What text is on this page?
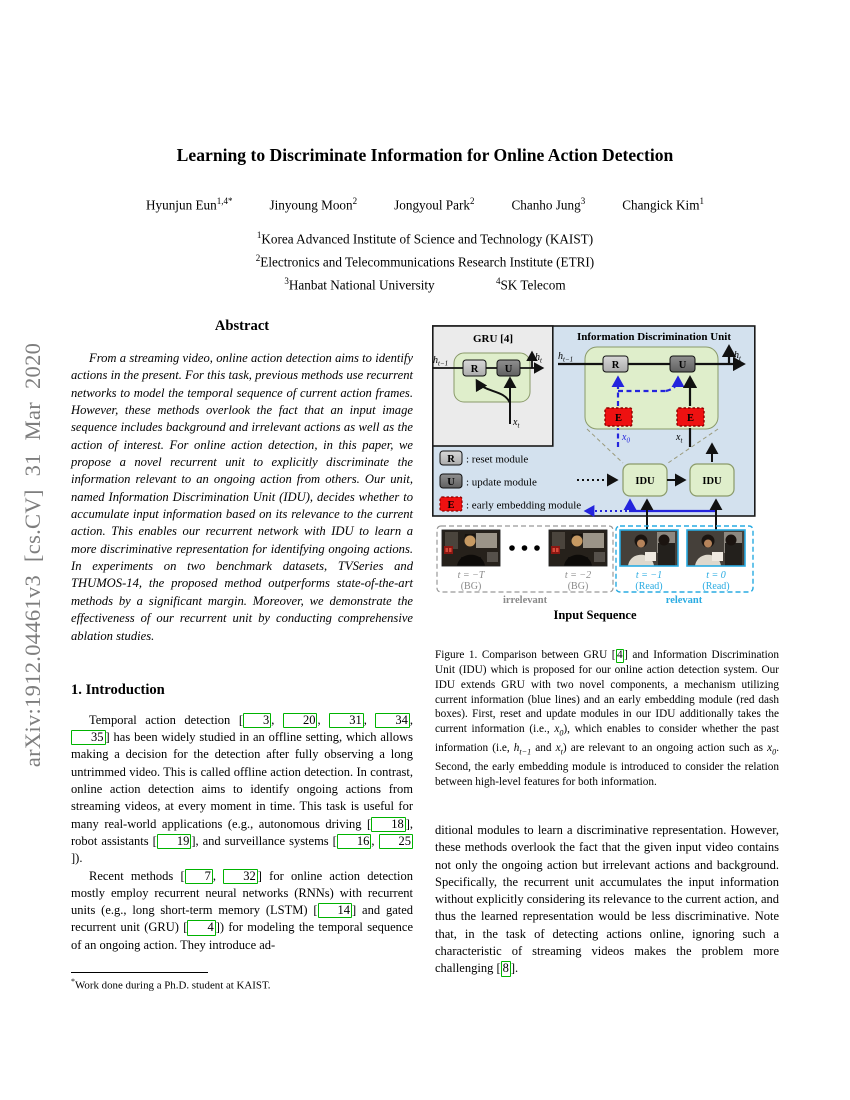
arXiv:1912.04461v3 [cs.CV] 31 Mar 2020
Learning to Discriminate Information for Online Action Detection
Hyunjun Eun$^{1,4*}$	Jinyoung Moon$^2$	Jongyoul Park$^2$	Chanho Jung$^3$	Changick Kim$^1$
$^1$Korea Advanced Institute of Science and Technology (KAIST)
$^2$Electronics and Telecommunications Research Institute (ETRI)
$^3$Hanbat National University	$^4$SK Telecom
Abstract

From a streaming video, online action detection aims to identify actions in the present. For this task, previous methods use recurrent networks to model the temporal sequence of current action frames. However, these methods overlook the fact that an input image sequence includes background and irrelevant actions as well as the action of interest. For online action detection, in this paper, we propose a novel recurrent unit to explicitly discriminate the information relevant to an ongoing action from others. Our unit, named Information Discrimination Unit (IDU), decides whether to accumulate input information based on its relevance to the current action. This enables our recurrent network with IDU to learn a more discriminative representation for identifying ongoing actions. In experiments on two benchmark datasets, TVSeries and THUMOS-14, the proposed method outperforms state-of-the-art methods by a significant margin. Moreover, we demonstrate the effectiveness of our recurrent unit by conducting comprehensive ablation studies.

1. Introduction

Temporal action detection [ 3 , 20 , 31 , 34 , 35 ] has been widely studied in an offline setting, which allows making a decision for the detection after fully observing a long untrimmed video. This is called offline action detection. In contrast, online action detection aims to identify ongoing actions from streaming videos, at every moment in time. This task is useful for many real-world applications (e.g., autonomous driving [ 18 ], robot assistants [ 19 ], and surveillance systems [ 16 , 25]).

Recent methods [ 7 , 32 ] for online action detection mostly employ recurrent neural networks (RNNs) with recurrent units (e.g., long short-term memory (LSTM) [ 14 ] and gated recurrent unit (GRU) [ 4 ]) for modeling the temporal sequence of an ongoing action. They introduce ad-

*Work done during a Ph.D. student at KAIST.

GRU [4]
R	U
$h_{t-1}$
$h_t$
$x_t$
Information Discrimination Unit
R	U
E	E
$h_{t-1}$	$h_t$
$x_0$	$x_t$
R : reset module
U : update module
E : early embedding module
IDU	IDU
t = −T
(BG)
t = −2
(BG)
t = −1
(Read)
t = 0
(Read)
irrelevant	relevant
Input Sequence

Figure 1. Comparison between GRU [ 4 ] and Information Discrimination Unit (IDU) which is proposed for our online action detection system. Our IDU extends GRU with two novel components, a mechanism utilizing current information (blue lines) and an early embedding module (red dash boxes). First, reset and update modules in our IDU additionally takes the current information (i.e., $x_0$), which enables to consider whether the past information (i.e, $h_{t-1}$ and $x_t$) are relevant to an ongoing action such as $x_0$. Second, the early embedding module is introduced to consider the relation between high-level features for both information.

ditional modules to learn a discriminative representation. However, these methods overlook the fact that the given input video contains not only the ongoing action but irrelevant actions and background. Specifically, the recurrent unit accumulates the input information without explicitly considering its relevance to the current action, and thus the learned representation would be less discriminative. Note that, in the task of detecting actions online, ignoring such a characteristic of streaming videos makes the problem more challenging [ 8 ].
